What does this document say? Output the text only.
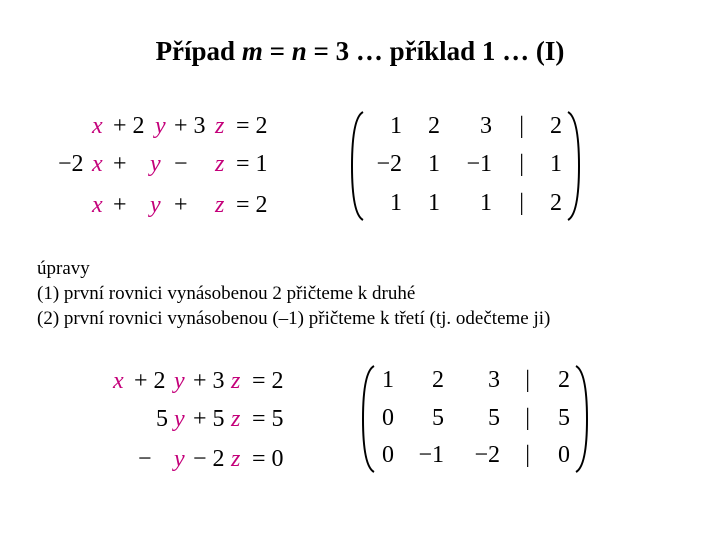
Případ m = n = 3 … příklad 1 … (I)
x + 2 y + 3 z = 2
−2 x + y − z = 1
x + y + z = 2
1	2	3	|	2
−2	1	−1	|	1
1	1	1	|	2
úpravy
(1) první rovnici vynásobenou 2 přičteme k druhé
(2) první rovnici vynásobenou (–1) přičteme k třetí (tj. odečteme ji)
x + 2 y + 3 z = 2
5 y + 5 z = 5
− y − 2 z = 0
1	2	3	|	2
0	5	5	|	5
0	−1	−2	|	0
